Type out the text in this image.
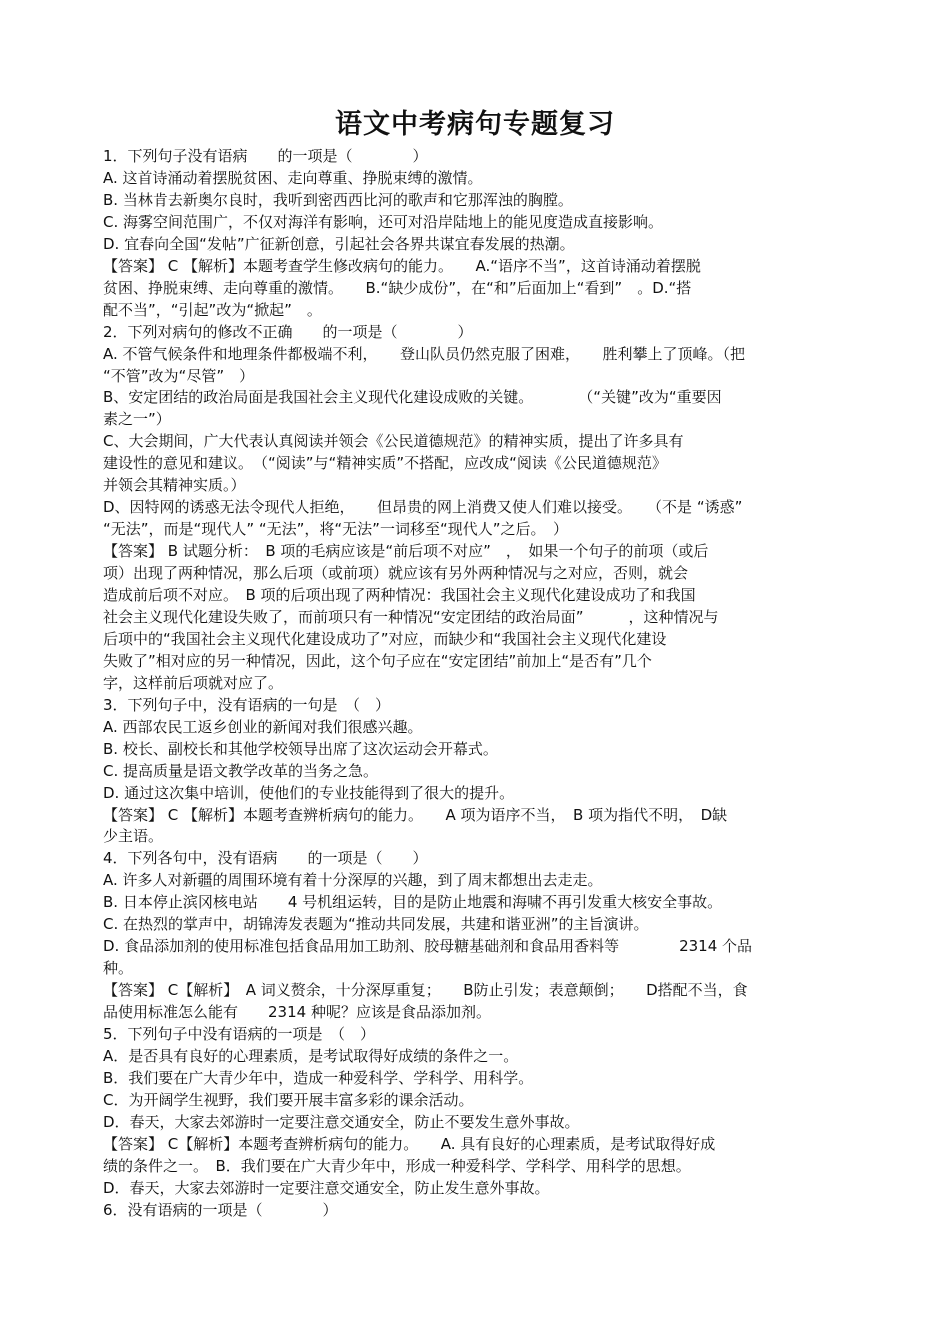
语文中考病句专题复习
1．下列句子没有语病　　的一项是（　　　　）
A. 这首诗涌动着摆脱贫困、走向尊重、挣脱束缚的激情。
B. 当林肯去新奥尔良时，我听到密西西比河的歌声和它那浑浊的胸膛。
C. 海雾空间范围广，不仅对海洋有影响，还可对沿岸陆地上的能见度造成直接影响。
D. 宜春向全国“发帖”广征新创意，引起社会各界共谋宜春发展的热潮。
【答案】 C 【解析】本题考查学生修改病句的能力。　　A.“语序不当”，这首诗涌动着摆脱
贫困、挣脱束缚、走向尊重的激情。　　B.“缺少成份”，在“和”后面加上“看到”　。D.“搭
配不当”，“引起”改为“掀起”　。
2．下列对病句的修改不正确　　的一项是（　　　　）
A. 不管气候条件和地理条件都极端不利，　　登山队员仍然克服了困难，　　胜利攀上了顶峰。（把
“不管”改为“尽管”　）
B、安定团结的政治局面是我国社会主义现代化建设成败的关键。　　　　（“关键”改为“重要因
素之一”）
C、大会期间，广大代表认真阅读并领会《公民道德规范》的精神实质，提出了许多具有
建设性的意见和建议。　（“阅读”与“精神实质”不搭配，应改成“阅读《公民道德规范》
并领会其精神实质。）
D、因特网的诱惑无法令现代人拒绝，　　但昂贵的网上消费又使人们难以接受。　　（不是 “诱惑”
“无法”，而是“现代人” “无法”，将“无法”一词移至“现代人”之后。　）
【答案】 B 试题分析：　B 项的毛病应该是“前后项不对应”　，　如果一个句子的前项（或后
项）出现了两种情况，那么后项（或前项）就应该有另外两种情况与之对应，否则，就会
造成前后项不对应。　B 项的后项出现了两种情况：我国社会主义现代化建设成功了和我国
社会主义现代化建设失败了，而前项只有一种情况“安定团结的政治局面”　　　，这种情况与
后项中的“我国社会主义现代化建设成功了”对应，而缺少和“我国社会主义现代化建设
失败了”相对应的另一种情况，因此，这个句子应在“安定团结”前加上“是否有”几个
字，这样前后项就对应了。
3．下列句子中，没有语病的一句是　（　）
A. 西部农民工返乡创业的新闻对我们很感兴趣。
B. 校长、副校长和其他学校领导出席了这次运动会开幕式。
C. 提高质量是语文教学改革的当务之急。
D. 通过这次集中培训，使他们的专业技能得到了很大的提升。
【答案】 C 【解析】本题考查辨析病句的能力。　　A 项为语序不当，　B 项为指代不明，　D缺
少主语。
4．下列各句中，没有语病　　的一项是（　　）
A. 许多人对新疆的周围环境有着十分深厚的兴趣，到了周末都想出去走走。
B. 日本停止滨冈核电站　　4 号机组运转，目的是防止地震和海啸不再引发重大核安全事故。
C. 在热烈的掌声中，胡锦涛发表题为“推动共同发展，共建和谐亚洲”的主旨演讲。
D. 食品添加剂的使用标准包括食品用加工助剂、胶母糖基础剂和食品用香料等　　　　2314 个品
种。
【答案】 C【解析】　A 词义赘余，十分深厚重复；　　B防止引发；表意颠倒；　　D搭配不当，食
品使用标准怎么能有　　2314 种呢？应该是食品添加剂。
5．下列句子中没有语病的一项是　（　）
A．是否具有良好的心理素质，是考试取得好成绩的条件之一。
B．我们要在广大青少年中，造成一种爱科学、学科学、用科学。
C．为开阔学生视野，我们要开展丰富多彩的课余活动。
D．春天，大家去郊游时一定要注意交通安全，防止不要发生意外事故。
【答案】 C【解析】本题考查辨析病句的能力。　　A. 具有良好的心理素质，是考试取得好成
绩的条件之一。　B．我们要在广大青少年中，形成一种爱科学、学科学、用科学的思想。
D．春天，大家去郊游时一定要注意交通安全，防止发生意外事故。
6．没有语病的一项是（　　　　）
